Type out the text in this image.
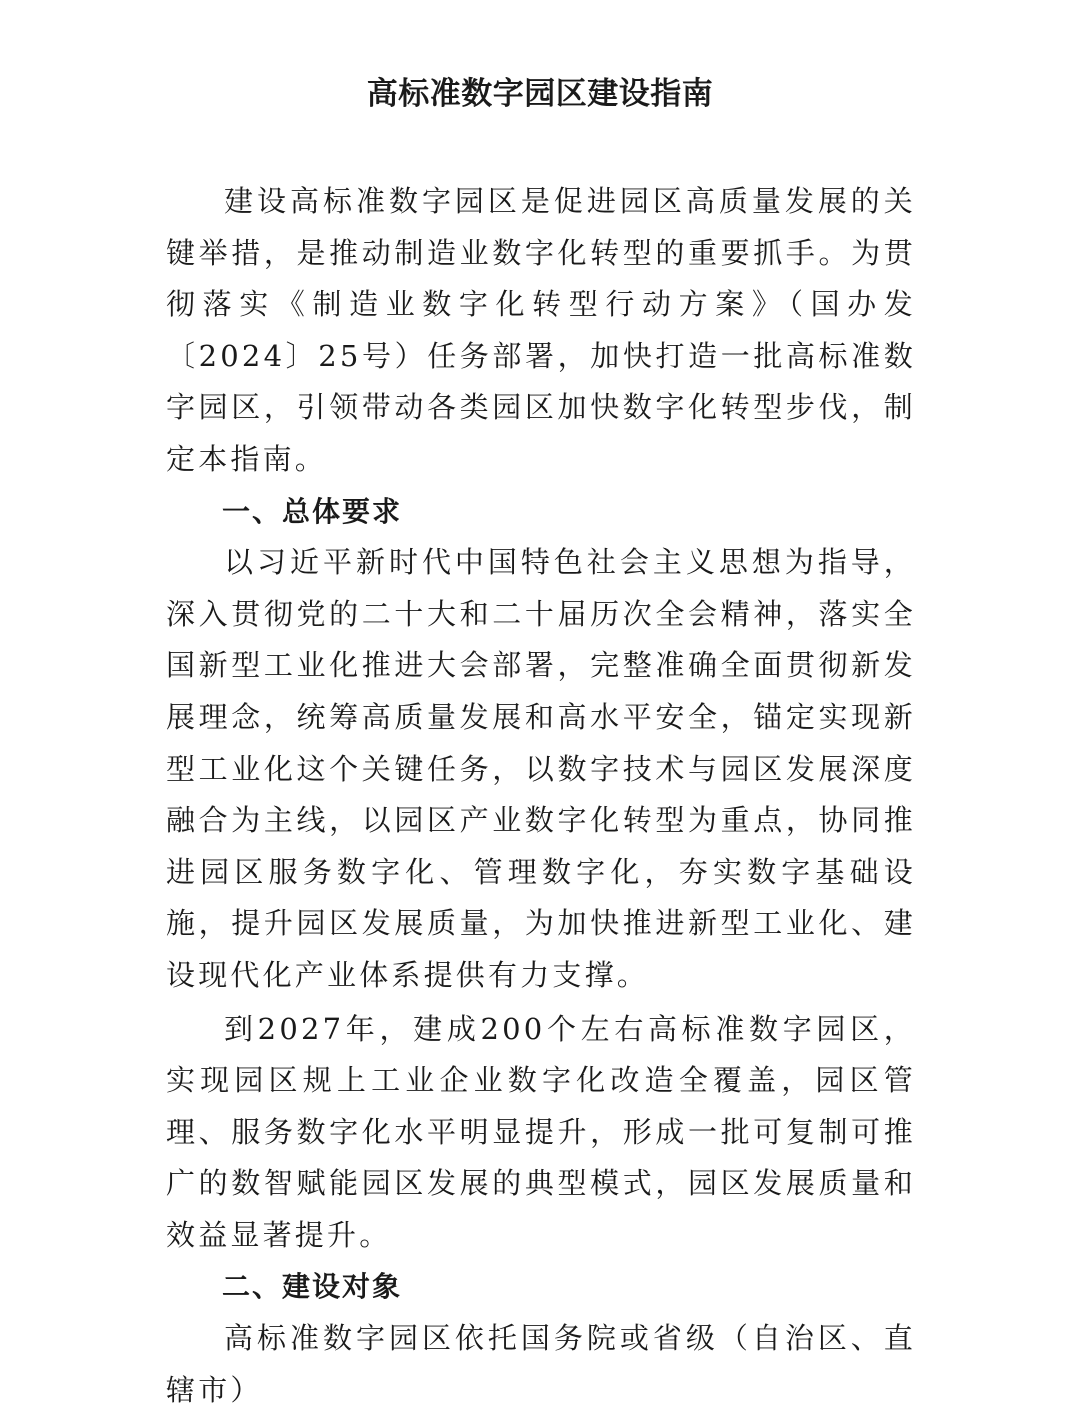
高标准数字园区建设指南

建设高标准数字园区是促进园区高质量发展的关键举措，是推动制造业数字化转型的重要抓手。为贯彻落实《制造业数字化转型行动方案》（国办发〔2024〕25号）任务部署，加快打造一批高标准数字园区，引领带动各类园区加快数字化转型步伐，制定本指南。

一、总体要求

以习近平新时代中国特色社会主义思想为指导，深入贯彻党的二十大和二十届历次全会精神，落实全国新型工业化推进大会部署，完整准确全面贯彻新发展理念，统筹高质量发展和高水平安全，锚定实现新型工业化这个关键任务，以数字技术与园区发展深度融合为主线，以园区产业数字化转型为重点，协同推进园区服务数字化、管理数字化，夯实数字基础设施，提升园区发展质量，为加快推进新型工业化、建设现代化产业体系提供有力支撑。

到2027年，建成200个左右高标准数字园区，实现园区规上工业企业数字化改造全覆盖，园区管理、服务数字化水平明显提升，形成一批可复制可推广的数智赋能园区发展的典型模式，园区发展质量和效益显著提升。

二、建设对象

高标准数字园区依托国务院或省级（自治区、直辖市）
